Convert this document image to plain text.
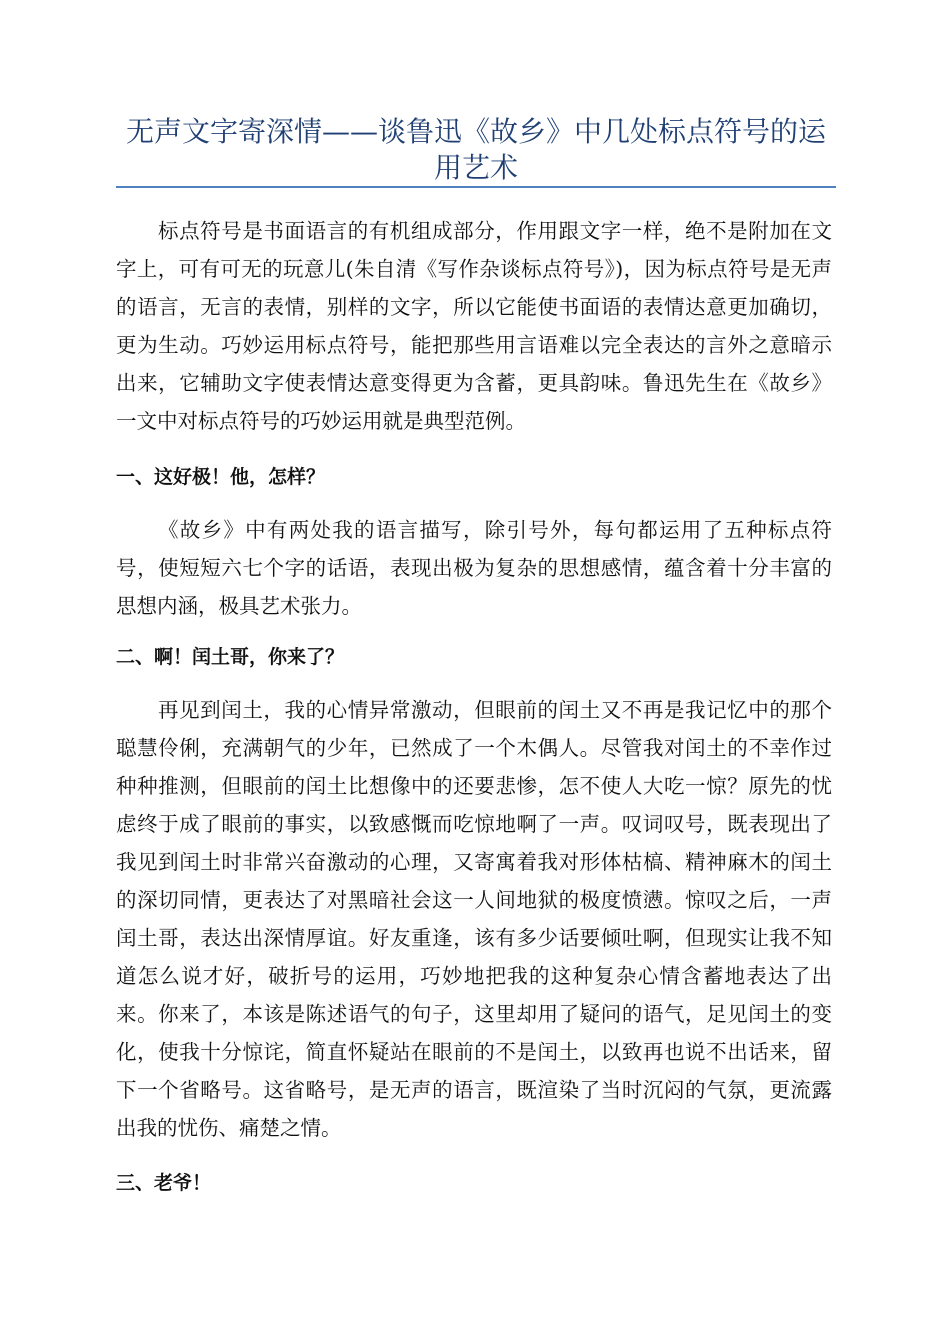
无声文字寄深情——谈鲁迅《故乡》中几处标点符号的运用艺术

标点符号是书面语言的有机组成部分，作用跟文字一样，绝不是附加在文字上，可有可无的玩意儿(朱自清《写作杂谈标点符号》)，因为标点符号是无声的语言，无言的表情，别样的文字，所以它能使书面语的表情达意更加确切，更为生动。巧妙运用标点符号，能把那些用言语难以完全表达的言外之意暗示出来，它辅助文字使表情达意变得更为含蓄，更具韵味。鲁迅先生在《故乡》一文中对标点符号的巧妙运用就是典型范例。

一、这好极！他，怎样？

《故乡》中有两处我的语言描写，除引号外，每句都运用了五种标点符号，使短短六七个字的话语，表现出极为复杂的思想感情，蕴含着十分丰富的思想内涵，极具艺术张力。

二、啊！闰土哥，你来了？

再见到闰土，我的心情异常激动，但眼前的闰土又不再是我记忆中的那个聪慧伶俐，充满朝气的少年，已然成了一个木偶人。尽管我对闰土的不幸作过种种推测，但眼前的闰土比想像中的还要悲惨，怎不使人大吃一惊？原先的忧虑终于成了眼前的事实，以致感慨而吃惊地啊了一声。叹词叹号，既表现出了我见到闰土时非常兴奋激动的心理，又寄寓着我对形体枯槁、精神麻木的闰土的深切同情，更表达了对黑暗社会这一人间地狱的极度愤懑。惊叹之后，一声闰土哥，表达出深情厚谊。好友重逢，该有多少话要倾吐啊，但现实让我不知道怎么说才好，破折号的运用，巧妙地把我的这种复杂心情含蓄地表达了出来。你来了，本该是陈述语气的句子，这里却用了疑问的语气，足见闰土的变化，使我十分惊诧，简直怀疑站在眼前的不是闰土，以致再也说不出话来，留下一个省略号。这省略号，是无声的语言，既渲染了当时沉闷的气氛，更流露出我的忧伤、痛楚之情。

三、老爷！
